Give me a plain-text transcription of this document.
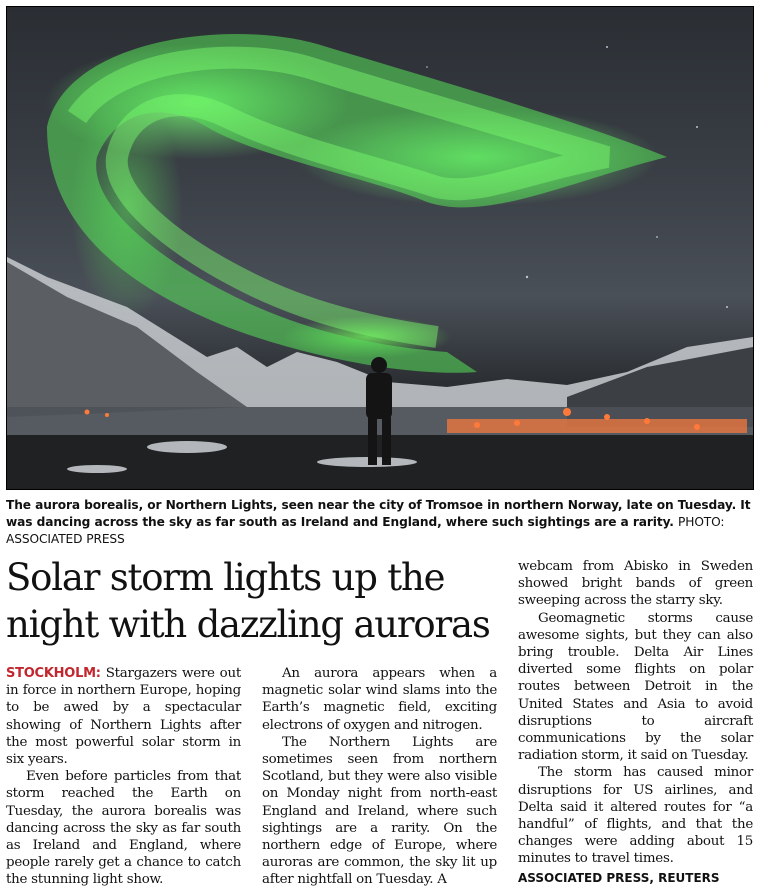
The aurora borealis, or Northern Lights, seen near the city of Tromsoe in northern Norway, late on Tuesday. It was dancing across the sky as far south as Ireland and England, where such sightings are a rarity. PHOTO: ASSOCIATED PRESS
Solar storm lights up the night with dazzling auroras

STOCKHOLM: Stargazers were out in force in northern Europe, hoping to be awed by a spectacular showing of Northern Lights after the most powerful solar storm in six years.

Even before particles from that storm reached the Earth on Tuesday, the aurora borealis was dancing across the sky as far south as Ireland and England, where people rarely get a chance to catch the stunning light show.

An aurora appears when a magnetic solar wind slams into the Earth’s magnetic field, exciting electrons of oxygen and nitrogen.

The Northern Lights are sometimes seen from northern Scotland, but they were also visible on Monday night from north-east England and Ireland, where such sightings are a rarity. On the northern edge of Europe, where auroras are common, the sky lit up after nightfall on Tuesday. A

webcam from Abisko in Sweden showed bright bands of green sweeping across the starry sky.

Geomagnetic storms cause awesome sights, but they can also bring trouble. Delta Air Lines diverted some flights on polar routes between Detroit in the United States and Asia to avoid disruptions to aircraft communications by the solar radiation storm, it said on Tuesday.

The storm has caused minor disruptions for US airlines, and Delta said it altered routes for “a handful” of flights, and that the changes were adding about 15 minutes to travel times.

ASSOCIATED PRESS, REUTERS
